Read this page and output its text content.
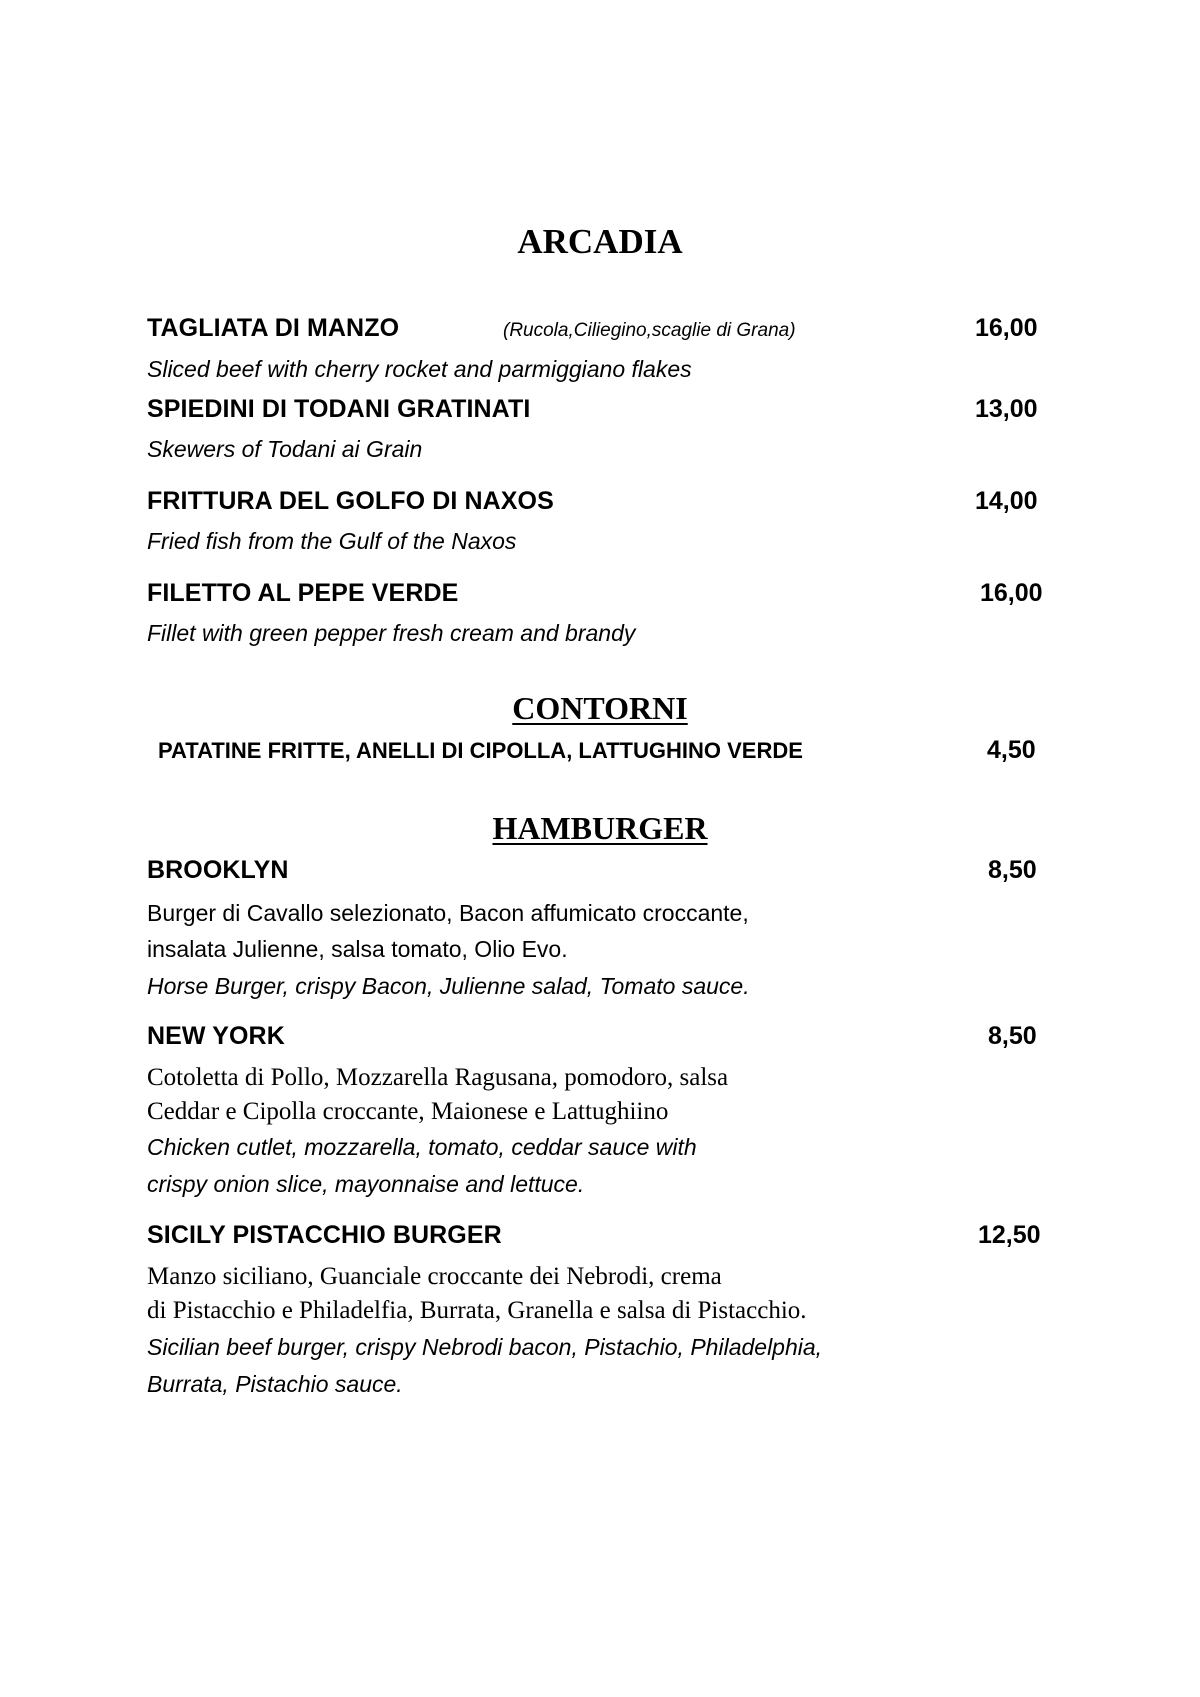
ARCADIA
TAGLIATA DI MANZO	(Rucola,Ciliegino,scaglie di Grana)	16,00
Sliced beef with cherry rocket and parmiggiano flakes
SPIEDINI DI TODANI GRATINATI	13,00
Skewers of Todani ai Grain
FRITTURA DEL GOLFO DI NAXOS	14,00
Fried fish from the Gulf of the Naxos
FILETTO AL PEPE VERDE	16,00
Fillet with green pepper fresh cream and brandy
CONTORNI
PATATINE FRITTE, ANELLI DI CIPOLLA, LATTUGHINO VERDE	4,50
HAMBURGER
BROOKLYN	8,50
Burger di Cavallo selezionato, Bacon affumicato croccante,
insalata Julienne, salsa tomato, Olio Evo.
Horse Burger, crispy Bacon, Julienne salad, Tomato sauce.
NEW YORK	8,50
Cotoletta di Pollo, Mozzarella Ragusana, pomodoro, salsa
Ceddar e Cipolla croccante, Maionese e Lattughiino
Chicken cutlet, mozzarella, tomato, ceddar sauce with
crispy onion slice, mayonnaise and lettuce.
SICILY PISTACCHIO BURGER	12,50
Manzo siciliano, Guanciale croccante dei Nebrodi, crema
di Pistacchio e Philadelfia, Burrata, Granella e salsa di Pistacchio.
Sicilian beef burger, crispy Nebrodi bacon, Pistachio, Philadelphia,
Burrata, Pistachio sauce.
